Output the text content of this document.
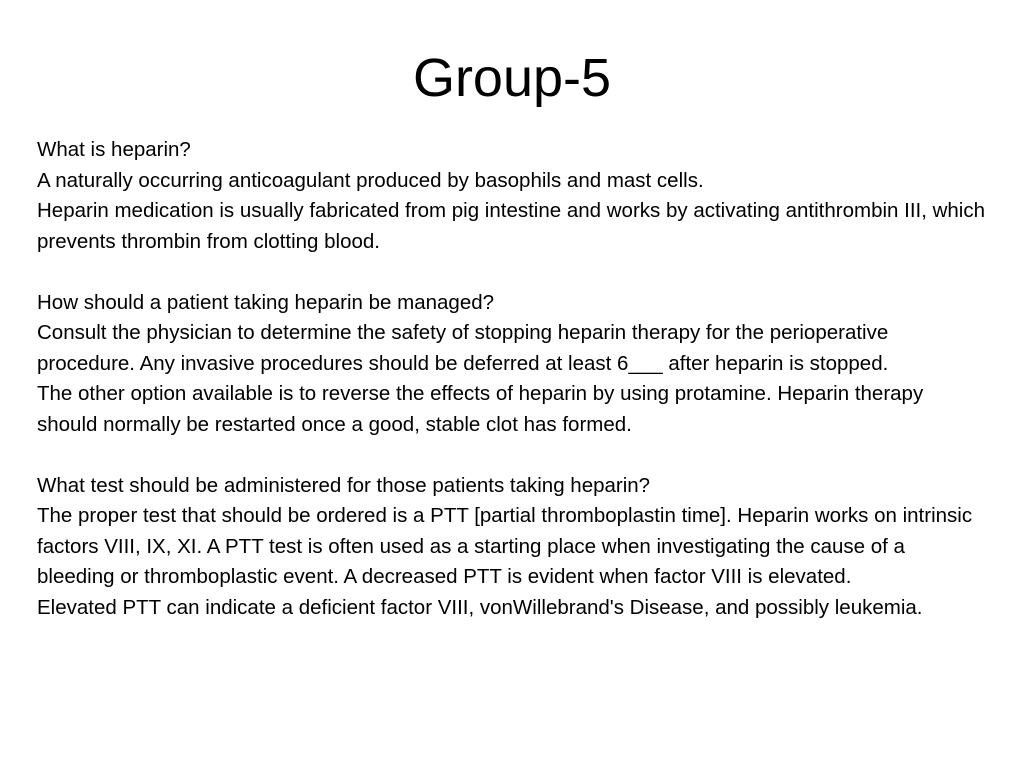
Group-5

What is heparin?

A naturally occurring anticoagulant produced by basophils and mast cells.

Heparin medication is usually fabricated from pig intestine and works by activating antithrombin III, which prevents thrombin from clotting blood.

How should a patient taking heparin be managed?

Consult the physician to determine the safety of stopping heparin therapy for the perioperative procedure. Any invasive procedures should be deferred at least 6___ after heparin is stopped.

The other option available is to reverse the effects of heparin by using protamine. Heparin therapy should normally be restarted once a good, stable clot has formed.

What test should be administered for those patients taking heparin?

The proper test that should be ordered is a PTT [partial thromboplastin time]. Heparin works on intrinsic factors VIII, IX, XI. A PTT test is often used as a starting place when investigating the cause of a bleeding or thromboplastic event. A decreased PTT is evident when factor VIII is elevated.

Elevated PTT can indicate a deficient factor VIII, vonWillebrand's Disease, and possibly leukemia.
